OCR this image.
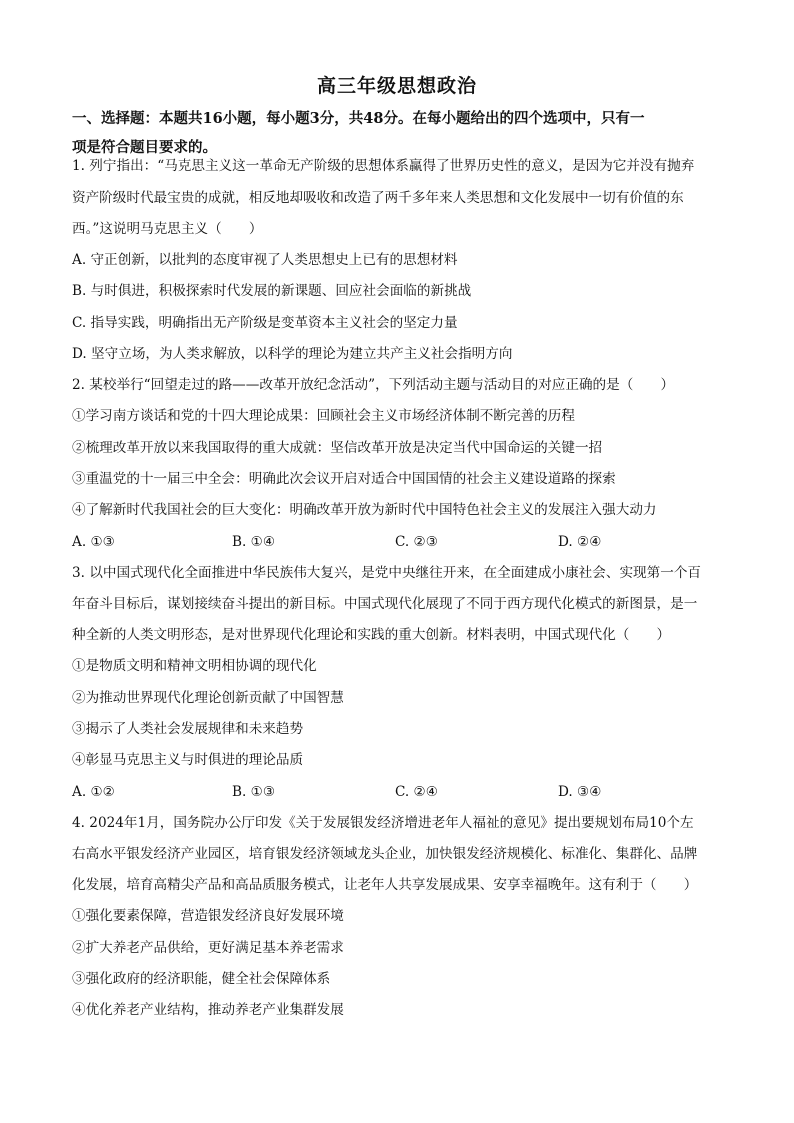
高三年级思想政治
一、选择题：本题共16小题，每小题3分，共48分。在每小题给出的四个选项中，只有一
项是符合题目要求的。
1. 列宁指出：“马克思主义这一革命无产阶级的思想体系赢得了世界历史性的意义，是因为它并没有抛弃
资产阶级时代最宝贵的成就，相反地却吸收和改造了两千多年来人类思想和文化发展中一切有价值的东
西。”这说明马克思主义（　　）
A. 守正创新，以批判的态度审视了人类思想史上已有的思想材料
B. 与时俱进，积极探索时代发展的新课题、回应社会面临的新挑战
C. 指导实践，明确指出无产阶级是变革资本主义社会的坚定力量
D. 坚守立场，为人类求解放，以科学的理论为建立共产主义社会指明方向
2. 某校举行“回望走过的路——改革开放纪念活动”，下列活动主题与活动目的对应正确的是（　　）
①学习南方谈话和党的十四大理论成果：回顾社会主义市场经济体制不断完善的历程
②梳理改革开放以来我国取得的重大成就：坚信改革开放是决定当代中国命运的关键一招
③重温党的十一届三中全会：明确此次会议开启对适合中国国情的社会主义建设道路的探索
④了解新时代我国社会的巨大变化：明确改革开放为新时代中国特色社会主义的发展注入强大动力
A. ①③	B. ①④	C. ②③	D. ②④
3. 以中国式现代化全面推进中华民族伟大复兴，是党中央继往开来，在全面建成小康社会、实现第一个百
年奋斗目标后，谋划接续奋斗提出的新目标。中国式现代化展现了不同于西方现代化模式的新图景，是一
种全新的人类文明形态，是对世界现代化理论和实践的重大创新。材料表明，中国式现代化（　　）
①是物质文明和精神文明相协调的现代化
②为推动世界现代化理论创新贡献了中国智慧
③揭示了人类社会发展规律和未来趋势
④彰显马克思主义与时俱进的理论品质
A. ①②	B. ①③	C. ②④	D. ③④
4. 2024年1月，国务院办公厅印发《关于发展银发经济增进老年人福祉的意见》提出要规划布局10个左
右高水平银发经济产业园区，培育银发经济领域龙头企业，加快银发经济规模化、标准化、集群化、品牌
化发展，培育高精尖产品和高品质服务模式，让老年人共享发展成果、安享幸福晚年。这有利于（　　）
①强化要素保障，营造银发经济良好发展环境
②扩大养老产品供给，更好满足基本养老需求
③强化政府的经济职能，健全社会保障体系
④优化养老产业结构，推动养老产业集群发展
